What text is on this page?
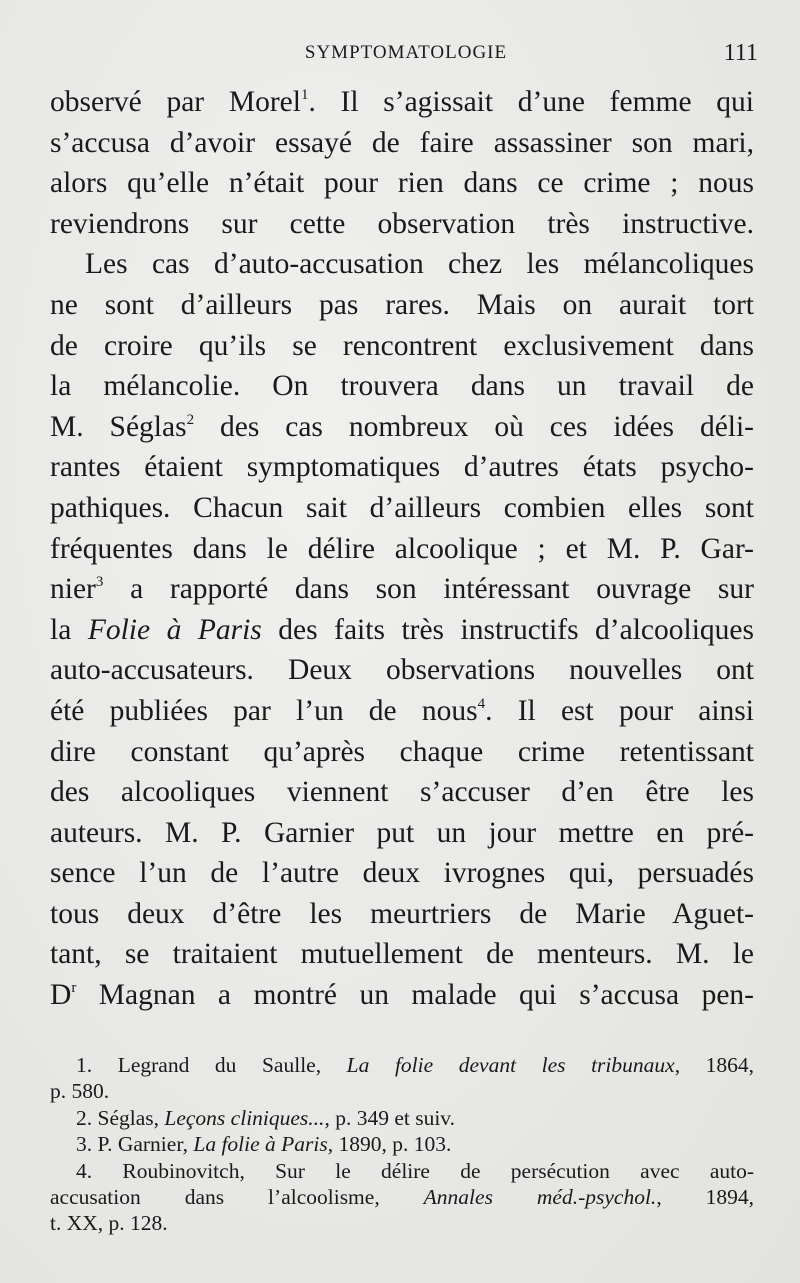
SYMPTOMATOLOGIE	111
observé par Morel$^1$. Il s’agissait d’une femme qui
s’accusa d’avoir essayé de faire assassiner son mari,
alors qu’elle n’était pour rien dans ce crime ; nous
reviendrons sur cette observation très instructive.
Les cas d’auto-accusation chez les mélancoliques
ne sont d’ailleurs pas rares. Mais on aurait tort
de croire qu’ils se rencontrent exclusivement dans
la mélancolie. On trouvera dans un travail de
M. Séglas$^2$ des cas nombreux où ces idées déli-
rantes étaient symptomatiques d’autres états psycho-
pathiques. Chacun sait d’ailleurs combien elles sont
fréquentes dans le délire alcoolique ; et M. P. Gar-
nier$^3$ a rapporté dans son intéressant ouvrage sur
la Folie à Paris des faits très instructifs d’alcooliques
auto-accusateurs. Deux observations nouvelles ont
été publiées par l’un de nous$^4$. Il est pour ainsi
dire constant qu’après chaque crime retentissant
des alcooliques viennent s’accuser d’en être les
auteurs. M. P. Garnier put un jour mettre en pré-
sence l’un de l’autre deux ivrognes qui, persuadés
tous deux d’être les meurtriers de Marie Aguet-
tant, se traitaient mutuellement de menteurs. M. le
$D^r$ Magnan a montré un malade qui s’accusa pen-
1. Legrand du Saulle, La folie devant les tribunaux, 1864,
p. 580.
2. Séglas, Leçons cliniques..., p. 349 et suiv.
3. P. Garnier, La folie à Paris, 1890, p. 103.
4. Roubinovitch, Sur le délire de persécution avec auto-
accusation dans l’alcoolisme, Annales méd.-psychol., 1894,
t. XX, p. 128.
